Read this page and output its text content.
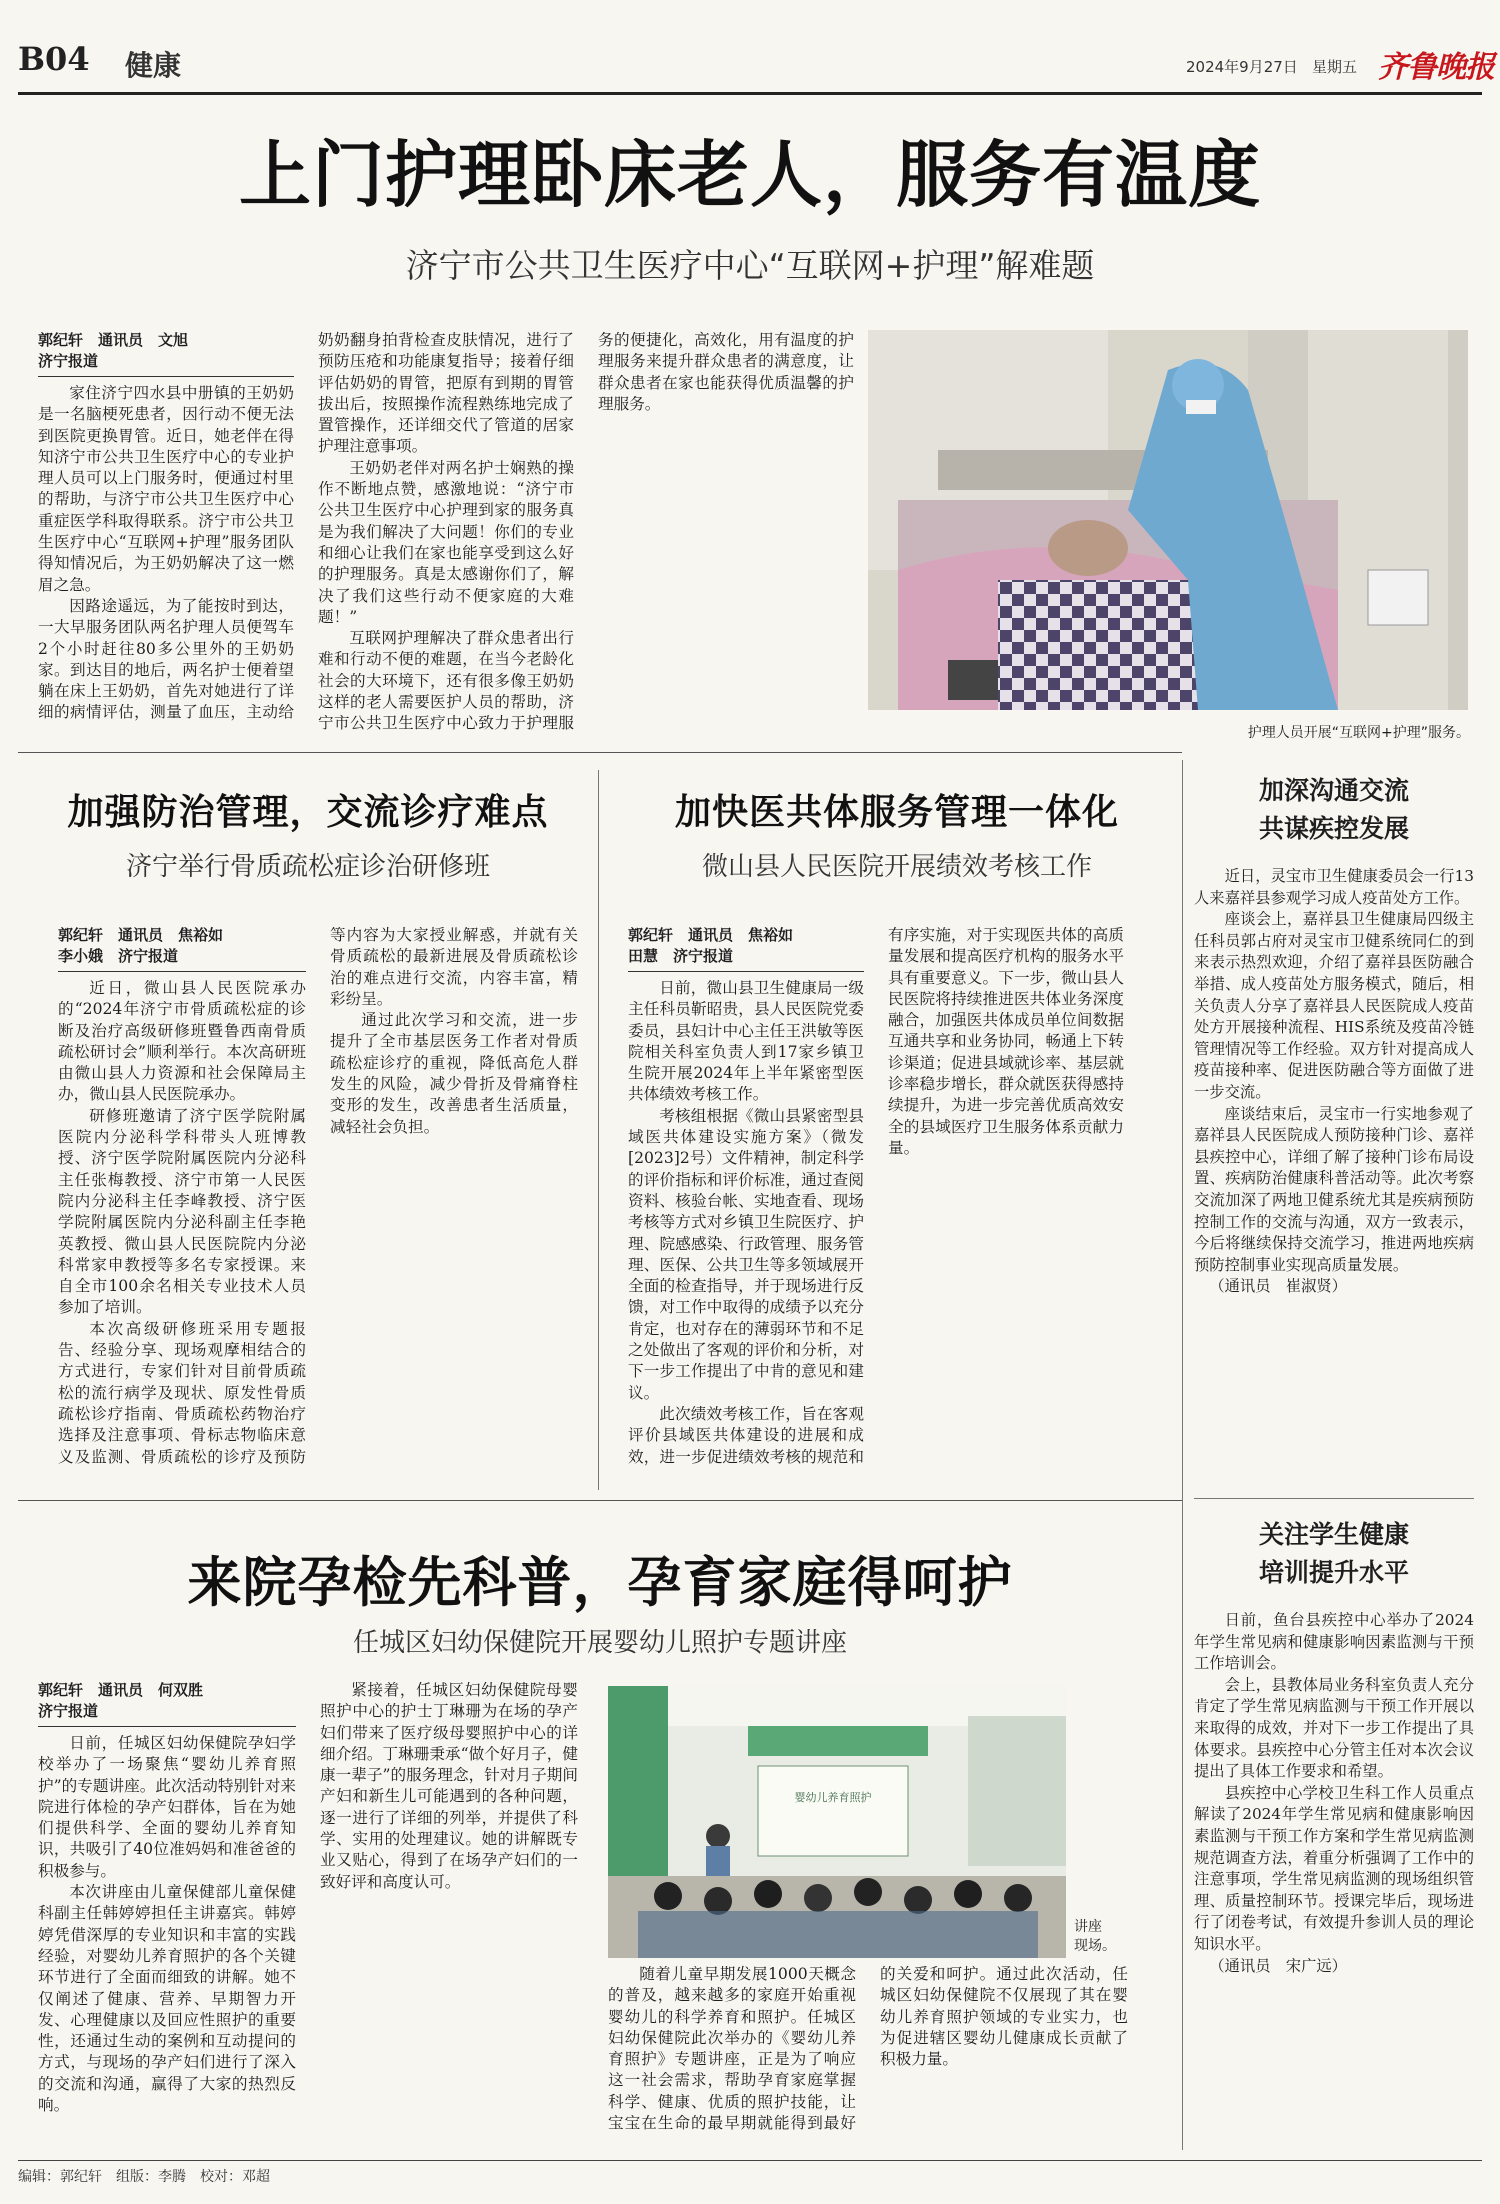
B04 健康	2024年9月27日 星期五 齐鲁晚报
上门护理卧床老人，服务有温度
济宁市公共卫生医疗中心“互联网+护理”解难题
郭纪轩　通讯员　文旭
济宁报道

家住济宁四水县中册镇的王奶奶是一名脑梗死患者，因行动不便无法到医院更换胃管。近日，她老伴在得知济宁市公共卫生医疗中心的专业护理人员可以上门服务时，便通过村里的帮助，与济宁市公共卫生医疗中心重症医学科取得联系。济宁市公共卫生医疗中心“互联网+护理”服务团队得知情况后，为王奶奶解决了这一燃眉之急。

因路途遥远，为了能按时到达，一大早服务团队两名护理人员便驾车2个小时赶往80多公里外的王奶奶家。到达目的地后，两名护士便着望躺在床上王奶奶，首先对她进行了详细的病情评估，测量了血压，主动给奶奶翻身拍背检查皮肤情况，进行了预防压疮和功能康复指导；接着仔细评估奶奶的胃管，把原有到期的胃管拔出后，按照操作流程熟练地完成了置管操作，还详细交代了管道的居家护理注意事项。

王奶奶老伴对两名护士娴熟的操作不断地点赞，感激地说：“济宁市公共卫生医疗中心护理到家的服务真是为我们解决了大问题！你们的专业和细心让我们在家也能享受到这么好的护理服务。真是太感谢你们了，解决了我们这些行动不便家庭的大难题！”

互联网护理解决了群众患者出行难和行动不便的难题，在当今老龄化社会的大环境下，还有很多像王奶奶这样的老人需要医护人员的帮助，济宁市公共卫生医疗中心致力于护理服务的便捷化，高效化，用有温度的护理服务来提升群众患者的满意度，让群众患者在家也能获得优质温馨的护理服务。

护理人员开展“互联网+护理”服务。
加强防治管理，交流诊疗难点
济宁举行骨质疏松症诊治研修班
郭纪轩　通讯员　焦裕如
李小娥　济宁报道

近日，微山县人民医院承办的“2024年济宁市骨质疏松症的诊断及治疗高级研修班暨鲁西南骨质疏松研讨会”顺利举行。本次高研班由微山县人力资源和社会保障局主办，微山县人民医院承办。

研修班邀请了济宁医学院附属医院内分泌科学科带头人班博教授、济宁医学院附属医院内分泌科主任张梅教授、济宁市第一人民医院内分泌科主任李峰教授、济宁医学院附属医院内分泌科副主任李艳英教授、微山县人民医院院内分泌科常家申教授等多名专家授课。来自全市100余名相关专业技术人员参加了培训。

本次高级研修班采用专题报告、经验分享、现场观摩相结合的方式进行，专家们针对目前骨质疏松的流行病学及现状、原发性骨质疏松诊疗指南、骨质疏松药物治疗选择及注意事项、骨标志物临床意义及监测、骨质疏松的诊疗及预防等内容为大家授业解惑，并就有关骨质疏松的最新进展及骨质疏松诊治的难点进行交流，内容丰富，精彩纷呈。

通过此次学习和交流，进一步提升了全市基层医务工作者对骨质疏松症诊疗的重视，降低高危人群发生的风险，减少骨折及骨痛脊柱变形的发生，改善患者生活质量，减轻社会负担。

加快医共体服务管理一体化
微山县人民医院开展绩效考核工作
郭纪轩　通讯员　焦裕如
田慧　济宁报道

日前，微山县卫生健康局一级主任科员靳昭贵，县人民医院党委委员，县妇计中心主任王洪敏等医院相关科室负责人到17家乡镇卫生院开展2024年上半年紧密型医共体绩效考核工作。

考核组根据《微山县紧密型县域医共体建设实施方案》（微发[2023]2号）文件精神，制定科学的评价指标和评价标准，通过查阅资料、核验台帐、实地查看、现场考核等方式对乡镇卫生院医疗、护理、院感感染、行政管理、服务管理、医保、公共卫生等多领域展开全面的检查指导，并于现场进行反馈，对工作中取得的成绩予以充分肯定，也对存在的薄弱环节和不足之处做出了客观的评价和分析，对下一步工作提出了中肯的意见和建议。

此次绩效考核工作，旨在客观评价县域医共体建设的进展和成效，进一步促进绩效考核的规范和有序实施，对于实现医共体的高质量发展和提高医疗机构的服务水平具有重要意义。下一步，微山县人民医院将持续推进医共体业务深度融合，加强医共体成员单位间数据互通共享和业务协同，畅通上下转诊渠道；促进县域就诊率、基层就诊率稳步增长，群众就医获得感持续提升，为进一步完善优质高效安全的县域医疗卫生服务体系贡献力量。

来院孕检先科普，孕育家庭得呵护
任城区妇幼保健院开展婴幼儿照护专题讲座
郭纪轩　通讯员　何双胜
济宁报道

日前，任城区妇幼保健院孕妇学校举办了一场聚焦“婴幼儿养育照护”的专题讲座。此次活动特别针对来院进行体检的孕产妇群体，旨在为她们提供科学、全面的婴幼儿养育知识，共吸引了40位准妈妈和准爸爸的积极参与。

本次讲座由儿童保健部儿童保健科副主任韩婷婷担任主讲嘉宾。韩婷婷凭借深厚的专业知识和丰富的实践经验，对婴幼儿养育照护的各个关键环节进行了全面而细致的讲解。她不仅阐述了健康、营养、早期智力开发、心理健康以及回应性照护的重要性，还通过生动的案例和互动提问的方式，与现场的孕产妇们进行了深入的交流和沟通，赢得了大家的热烈反响。

紧接着，任城区妇幼保健院母婴照护中心的护士丁琳珊为在场的孕产妇们带来了医疗级母婴照护中心的详细介绍。丁琳珊秉承“做个好月子，健康一辈子”的服务理念，针对月子期间产妇和新生儿可能遇到的各种问题，逐一进行了详细的列举，并提供了科学、实用的处理建议。她的讲解既专业又贴心，得到了在场孕产妇们的一致好评和高度认可。

婴幼儿养育照护
讲座
现场。

随着儿童早期发展1000天概念的普及，越来越多的家庭开始重视婴幼儿的科学养育和照护。任城区妇幼保健院此次举办的《婴幼儿养育照护》专题讲座，正是为了响应这一社会需求，帮助孕育家庭掌握科学、健康、优质的照护技能，让宝宝在生命的最早期就能得到最好的关爱和呵护。通过此次活动，任城区妇幼保健院不仅展现了其在婴幼儿养育照护领域的专业实力，也为促进辖区婴幼儿健康成长贡献了积极力量。

加深沟通交流
共谋疾控发展

近日，灵宝市卫生健康委员会一行13人来嘉祥县参观学习成人疫苗处方工作。

座谈会上，嘉祥县卫生健康局四级主任科员郭占府对灵宝市卫健系统同仁的到来表示热烈欢迎，介绍了嘉祥县医防融合举措、成人疫苗处方服务模式，随后，相关负责人分享了嘉祥县人民医院成人疫苗处方开展接种流程、HIS系统及疫苗冷链管理情况等工作经验。双方针对提高成人疫苗接种率、促进医防融合等方面做了进一步交流。

座谈结束后，灵宝市一行实地参观了嘉祥县人民医院成人预防接种门诊、嘉祥县疾控中心，详细了解了接种门诊布局设置、疾病防治健康科普活动等。此次考察交流加深了两地卫健系统尤其是疾病预防控制工作的交流与沟通，双方一致表示，今后将继续保持交流学习，推进两地疾病预防控制事业实现高质量发展。

（通讯员　崔淑贤）

关注学生健康
培训提升水平

日前，鱼台县疾控中心举办了2024年学生常见病和健康影响因素监测与干预工作培训会。

会上，县教体局业务科室负责人充分肯定了学生常见病监测与干预工作开展以来取得的成效，并对下一步工作提出了具体要求。县疾控中心分管主任对本次会议提出了具体工作要求和希望。

县疾控中心学校卫生科工作人员重点解读了2024年学生常见病和健康影响因素监测与干预工作方案和学生常见病监测规范调查方法，着重分析强调了工作中的注意事项，学生常见病监测的现场组织管理、质量控制环节。授课完毕后，现场进行了闭卷考试，有效提升参训人员的理论知识水平。

（通讯员　宋广远）

编辑：郭纪轩　组版：李腾　校对：邓超
